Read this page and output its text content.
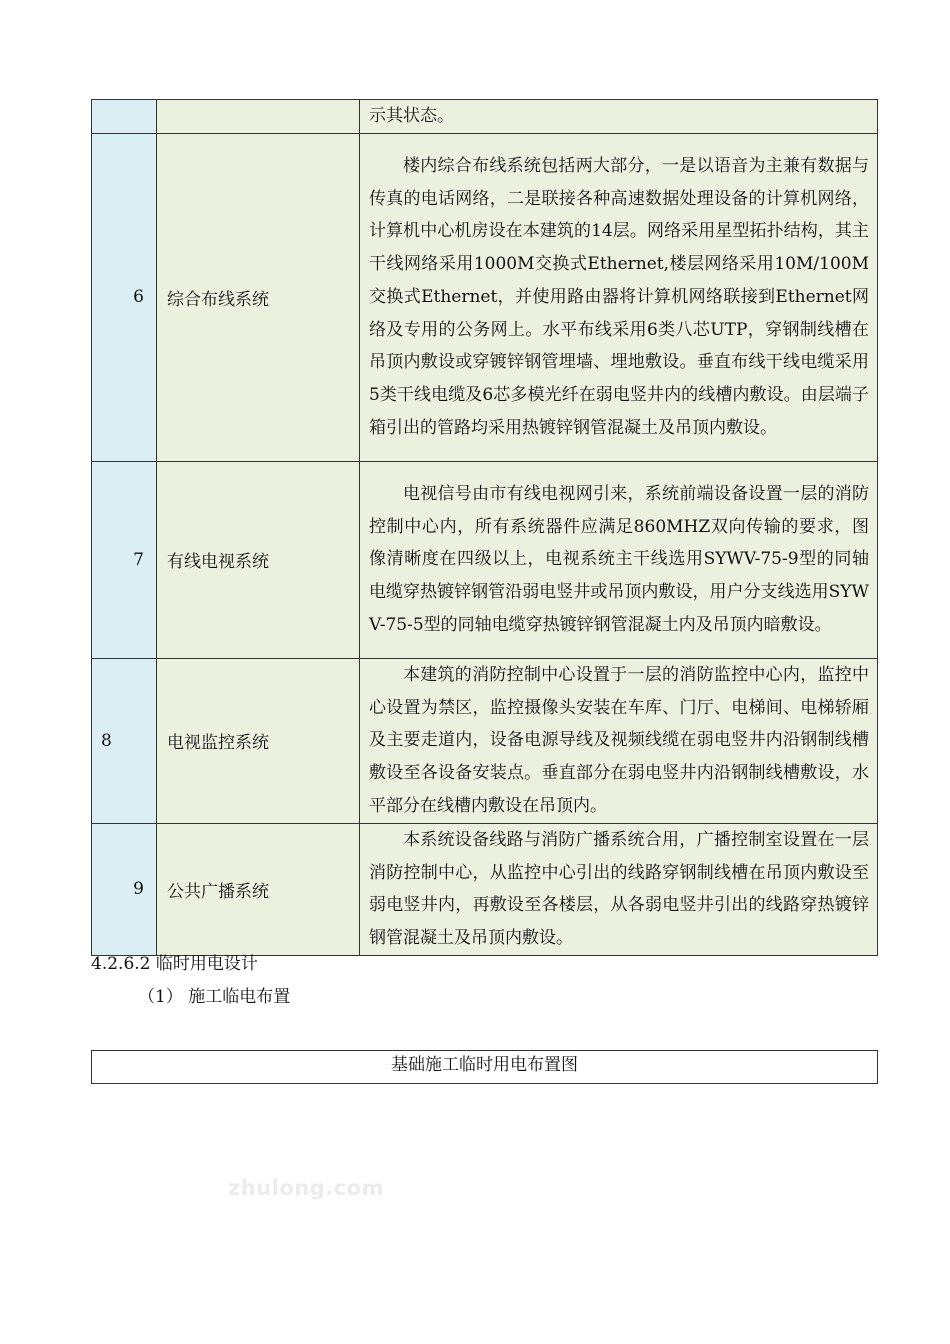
		示其状态。

6	综合布线系统	楼内综合布线系统包括两大部分，一是以语音为主兼有数据与传真的电话网络，二是联接各种高速数据处理设备的计算机网络，计算机中心机房设在本建筑的14层。网络采用星型拓扑结构，其主干线网络采用1000M交换式Ethernet,楼层网络采用10M/100M交换式Ethernet，并使用路由器将计算机网络联接到Ethernet网络及专用的公务网上。水平布线采用6类八芯UTP，穿钢制线槽在吊顶内敷设或穿镀锌钢管埋墙、埋地敷设。垂直布线干线电缆采用5类干线电缆及6芯多模光纤在弱电竖井内的线槽内敷设。由层端子箱引出的管路均采用热镀锌钢管混凝土及吊顶内敷设。

7	有线电视系统	电视信号由市有线电视网引来，系统前端设备设置一层的消防控制中心内，所有系统器件应满足860MHZ双向传输的要求，图像清晰度在四级以上，电视系统主干线选用SYWV-75-9型的同轴电缆穿热镀锌钢管沿弱电竖井或吊顶内敷设，用户分支线选用SYWV-75-5型的同轴电缆穿热镀锌钢管混凝土内及吊顶内暗敷设。

8	电视监控系统	本建筑的消防控制中心设置于一层的消防监控中心内，监控中心设置为禁区，监控摄像头安装在车库、门厅、电梯间、电梯轿厢及主要走道内，设备电源导线及视频线缆在弱电竖井内沿钢制线槽敷设至各设备安装点。垂直部分在弱电竖井内沿钢制线槽敷设，水平部分在线槽内敷设在吊顶内。

9	公共广播系统	本系统设备线路与消防广播系统合用，广播控制室设置在一层消防控制中心，从监控中心引出的线路穿钢制线槽在吊顶内敷设至弱电竖井内，再敷设至各楼层，从各弱电竖井引出的线路穿热镀锌钢管混凝土及吊顶内敷设。
4.2.6.2 临时用电设计
（1） 施工临电布置
基础施工临时用电布置图
zhulong.com
